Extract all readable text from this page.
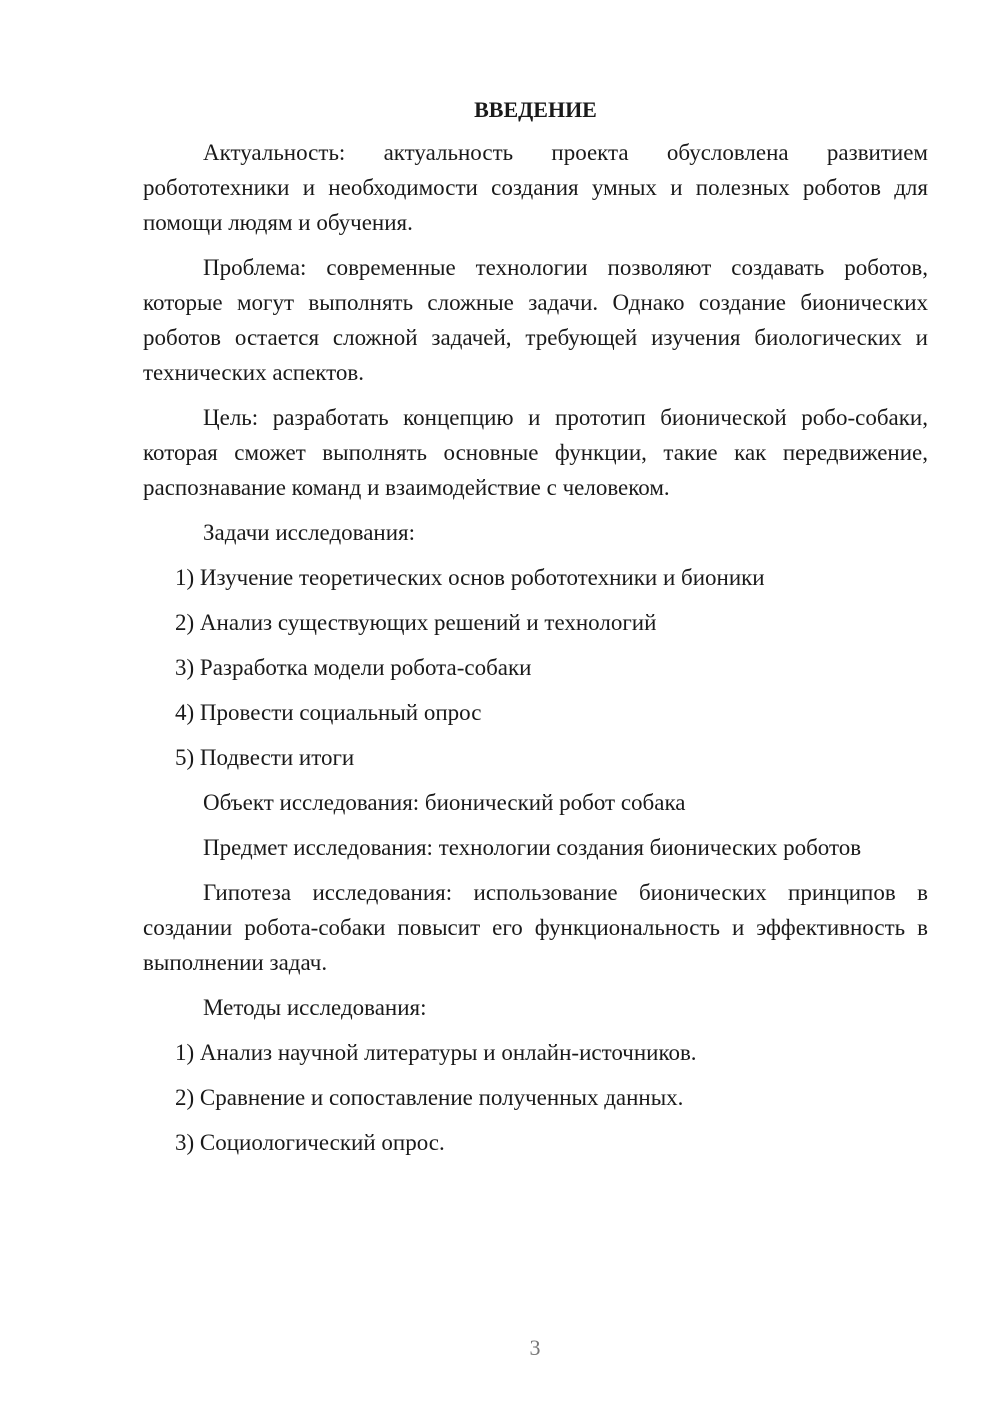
ВВЕДЕНИЕ

Актуальность: актуальность проекта обусловлена развитием робототехники и необходимости создания умных и полезных роботов для помощи людям и обучения.

Проблема: современные технологии позволяют создавать роботов, которые могут выполнять сложные задачи. Однако создание бионических роботов остается сложной задачей, требующей изучения биологических и технических аспектов.

Цель: разработать концепцию и прототип бионической робо-собаки, которая сможет выполнять основные функции, такие как передвижение, распознавание команд и взаимодействие с человеком.

Задачи исследования:

1) Изучение теоретических основ робототехники и бионики

2) Анализ существующих решений и технологий

3) Разработка модели робота-собаки

4) Провести социальный опрос

5) Подвести итоги

Объект исследования: бионический робот собака

Предмет исследования: технологии создания бионических роботов

Гипотеза исследования: использование бионических принципов в создании робота-собаки повысит его функциональность и эффективность в выполнении задач.

Методы исследования:

1) Анализ научной литературы и онлайн-источников.

2) Сравнение и сопоставление полученных данных.

3) Социологический опрос.

3
